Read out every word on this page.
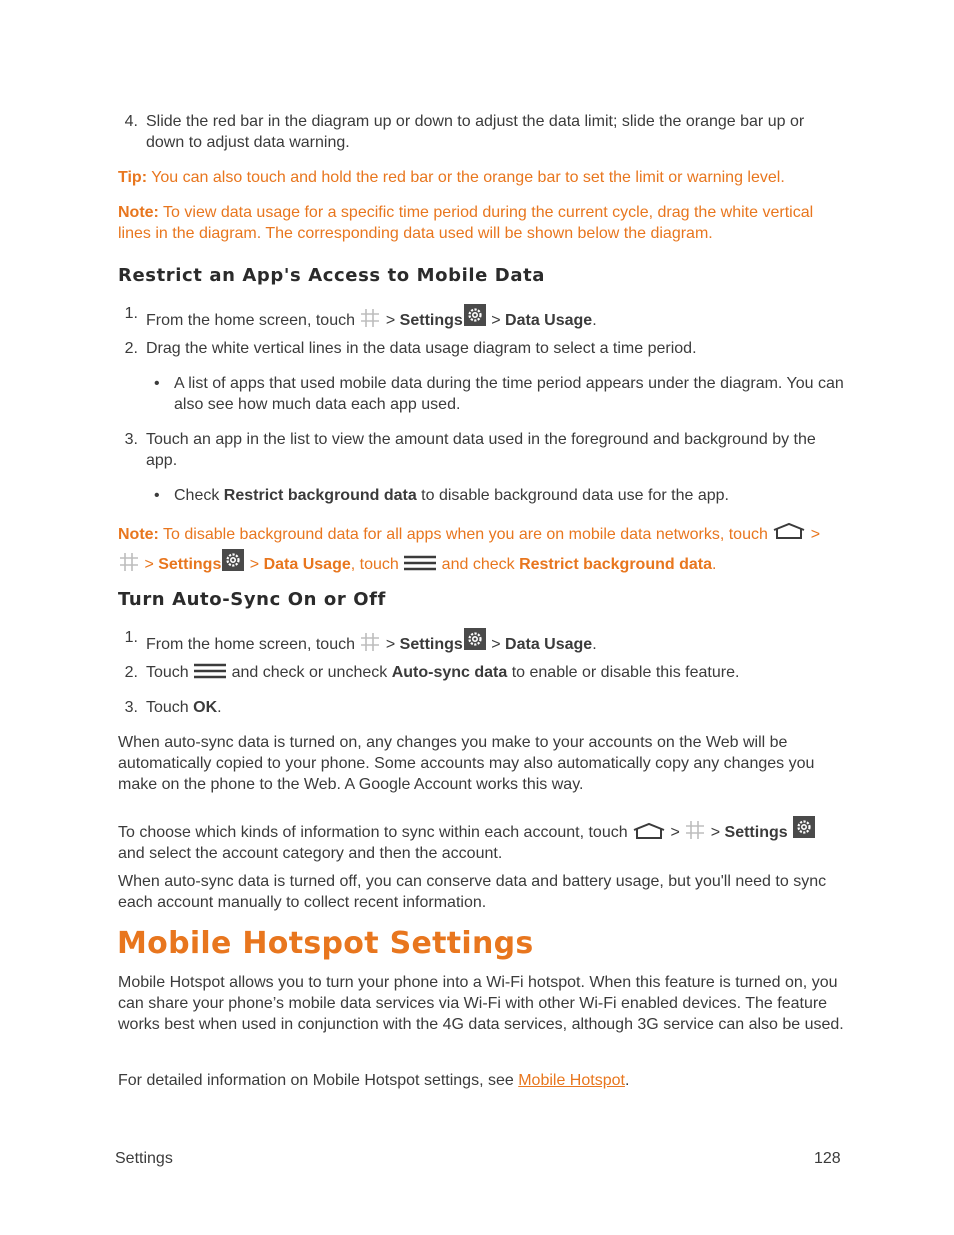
4. Slide the red bar in the diagram up or down to adjust the data limit; slide the orange bar up or down to adjust data warning.

Tip: You can also touch and hold the red bar or the orange bar to set the limit or warning level.

Note: To view data usage for a specific time period during the current cycle, drag the white vertical lines in the diagram. The corresponding data used will be shown below the diagram.

Restrict an App's Access to Mobile Data
1. From the home screen, touch  > Settings > Data Usage.
2. Drag the white vertical lines in the data usage diagram to select a time period.
• A list of apps that used mobile data during the time period appears under the diagram. You can also see how much data each app used.
3. Touch an app in the list to view the amount data used in the foreground and background by the app.
• Check Restrict background data to disable background data use for the app.

Note: To disable background data for all apps when you are on mobile data networks, touch  >
> Settings > Data Usage, touch  and check Restrict background data.

Turn Auto-Sync On or Off
1. From the home screen, touch  > Settings > Data Usage.
2. Touch  and check or uncheck Auto-sync data to enable or disable this feature.
3. Touch OK.

When auto-sync data is turned on, any changes you make to your accounts on the Web will be automatically copied to your phone. Some accounts may also automatically copy any changes you make on the phone to the Web. A Google Account works this way.

To choose which kinds of information to sync within each account, touch  >  > Settings
and select the account category and then the account.

When auto-sync data is turned off, you can conserve data and battery usage, but you'll need to sync each account manually to collect recent information.

Mobile Hotspot Settings

Mobile Hotspot allows you to turn your phone into a Wi-Fi hotspot. When this feature is turned on, you can share your phone’s mobile data services via Wi-Fi with other Wi-Fi enabled devices. The feature works best when used in conjunction with the 4G data services, although 3G service can also be used.

For detailed information on Mobile Hotspot settings, see Mobile Hotspot.

Settings	128
